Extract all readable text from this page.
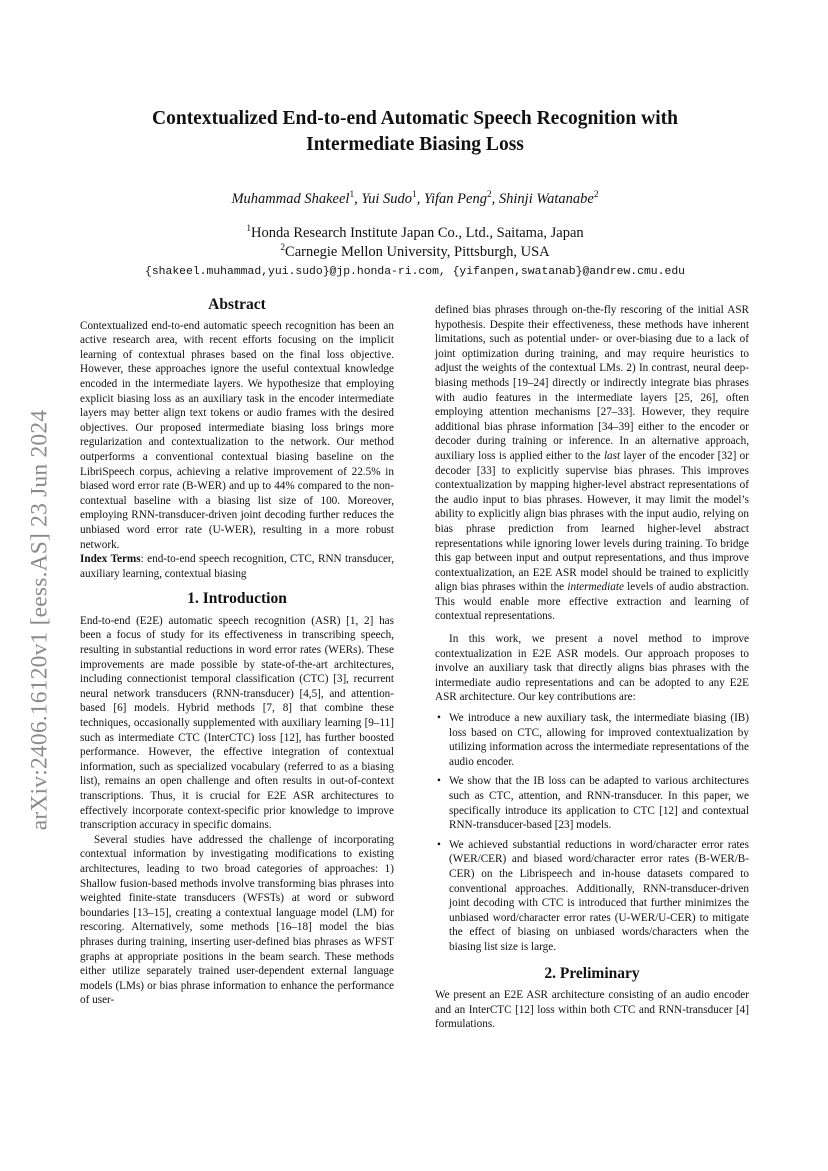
arXiv:2406.16120v1 [eess.AS] 23 Jun 2024
Contextualized End-to-end Automatic Speech Recognition with
Intermediate Biasing Loss
Muhammad Shakeel$^1$, Yui Sudo$^1$, Yifan Peng$^2$, Shinji Watanabe$^2$
$^1$Honda Research Institute Japan Co., Ltd., Saitama, Japan
$^2$Carnegie Mellon University, Pittsburgh, USA
{shakeel.muhammad,yui.sudo}@jp.honda-ri.com, {yifanpen,swatanab}@andrew.cmu.edu
Abstract

Contextualized end-to-end automatic speech recognition has been an active research area, with recent efforts focusing on the implicit learning of contextual phrases based on the final loss objective. However, these approaches ignore the useful contextual knowledge encoded in the intermediate layers. We hypothesize that employing explicit biasing loss as an auxiliary task in the encoder intermediate layers may better align text tokens or audio frames with the desired objectives. Our proposed intermediate biasing loss brings more regularization and contextualization to the network. Our method outperforms a conventional contextual biasing baseline on the LibriSpeech corpus, achieving a relative improvement of 22.5% in biased word error rate (B-WER) and up to 44% compared to the non-contextual baseline with a biasing list size of 100. Moreover, employing RNN-transducer-driven joint decoding further reduces the unbiased word error rate (U-WER), resulting in a more robust network.

Index Terms: end-to-end speech recognition, CTC, RNN transducer, auxiliary learning, contextual biasing

1. Introduction

End-to-end (E2E) automatic speech recognition (ASR) [1, 2] has been a focus of study for its effectiveness in transcribing speech, resulting in substantial reductions in word error rates (WERs). These improvements are made possible by state-of-the-art architectures, including connectionist temporal classification (CTC) [3], recurrent neural network transducers (RNN-transducer) [4,5], and attention-based [6] models. Hybrid methods [7, 8] that combine these techniques, occasionally supplemented with auxiliary learning [9–11] such as intermediate CTC (InterCTC) loss [12], has further boosted performance. However, the effective integration of contextual information, such as specialized vocabulary (referred to as a biasing list), remains an open challenge and often results in out-of-context transcriptions. Thus, it is crucial for E2E ASR architectures to effectively incorporate context-specific prior knowledge to improve transcription accuracy in specific domains.

Several studies have addressed the challenge of incorporating contextual information by investigating modifications to existing architectures, leading to two broad categories of approaches: 1) Shallow fusion-based methods involve transforming bias phrases into weighted finite-state transducers (WFSTs) at word or subword boundaries [13–15], creating a contextual language model (LM) for rescoring. Alternatively, some methods [16–18] model the bias phrases during training, inserting user-defined bias phrases as WFST graphs at appropriate positions in the beam search. These methods either utilize separately trained user-dependent external language models (LMs) or bias phrase information to enhance the performance of user-

defined bias phrases through on-the-fly rescoring of the initial ASR hypothesis. Despite their effectiveness, these methods have inherent limitations, such as potential under- or over-biasing due to a lack of joint optimization during training, and may require heuristics to adjust the weights of the contextual LMs. 2) In contrast, neural deep-biasing methods [19–24] directly or indirectly integrate bias phrases with audio features in the intermediate layers [25, 26], often employing attention mechanisms [27–33]. However, they require additional bias phrase information [34–39] either to the encoder or decoder during training or inference. In an alternative approach, auxiliary loss is applied either to the last layer of the encoder [32] or decoder [33] to explicitly supervise bias phrases. This improves contextualization by mapping higher-level abstract representations of the audio input to bias phrases. However, it may limit the model’s ability to explicitly align bias phrases with the input audio, relying on bias phrase prediction from learned higher-level abstract representations while ignoring lower levels during training. To bridge this gap between input and output representations, and thus improve contextualization, an E2E ASR model should be trained to explicitly align bias phrases within the intermediate levels of audio abstraction. This would enable more effective extraction and learning of contextual representations.

In this work, we present a novel method to improve contextualization in E2E ASR models. Our approach proposes to involve an auxiliary task that directly aligns bias phrases with the intermediate audio representations and can be adopted to any E2E ASR architecture. Our key contributions are:

• We introduce a new auxiliary task, the intermediate biasing (IB) loss based on CTC, allowing for improved contextualization by utilizing information across the intermediate representations of the audio encoder.
• We show that the IB loss can be adapted to various architectures such as CTC, attention, and RNN-transducer. In this paper, we specifically introduce its application to CTC [12] and contextual RNN-transducer-based [23] models.
• We achieved substantial reductions in word/character error rates (WER/CER) and biased word/character error rates (B-WER/B-CER) on the Librispeech and in-house datasets compared to conventional approaches. Additionally, RNN-transducer-driven joint decoding with CTC is introduced that further minimizes the unbiased word/character error rates (U-WER/U-CER) to mitigate the effect of biasing on unbiased words/characters when the biasing list size is large.
2. Preliminary

We present an E2E ASR architecture consisting of an audio encoder and an InterCTC [12] loss within both CTC and RNN-transducer [4] formulations.
